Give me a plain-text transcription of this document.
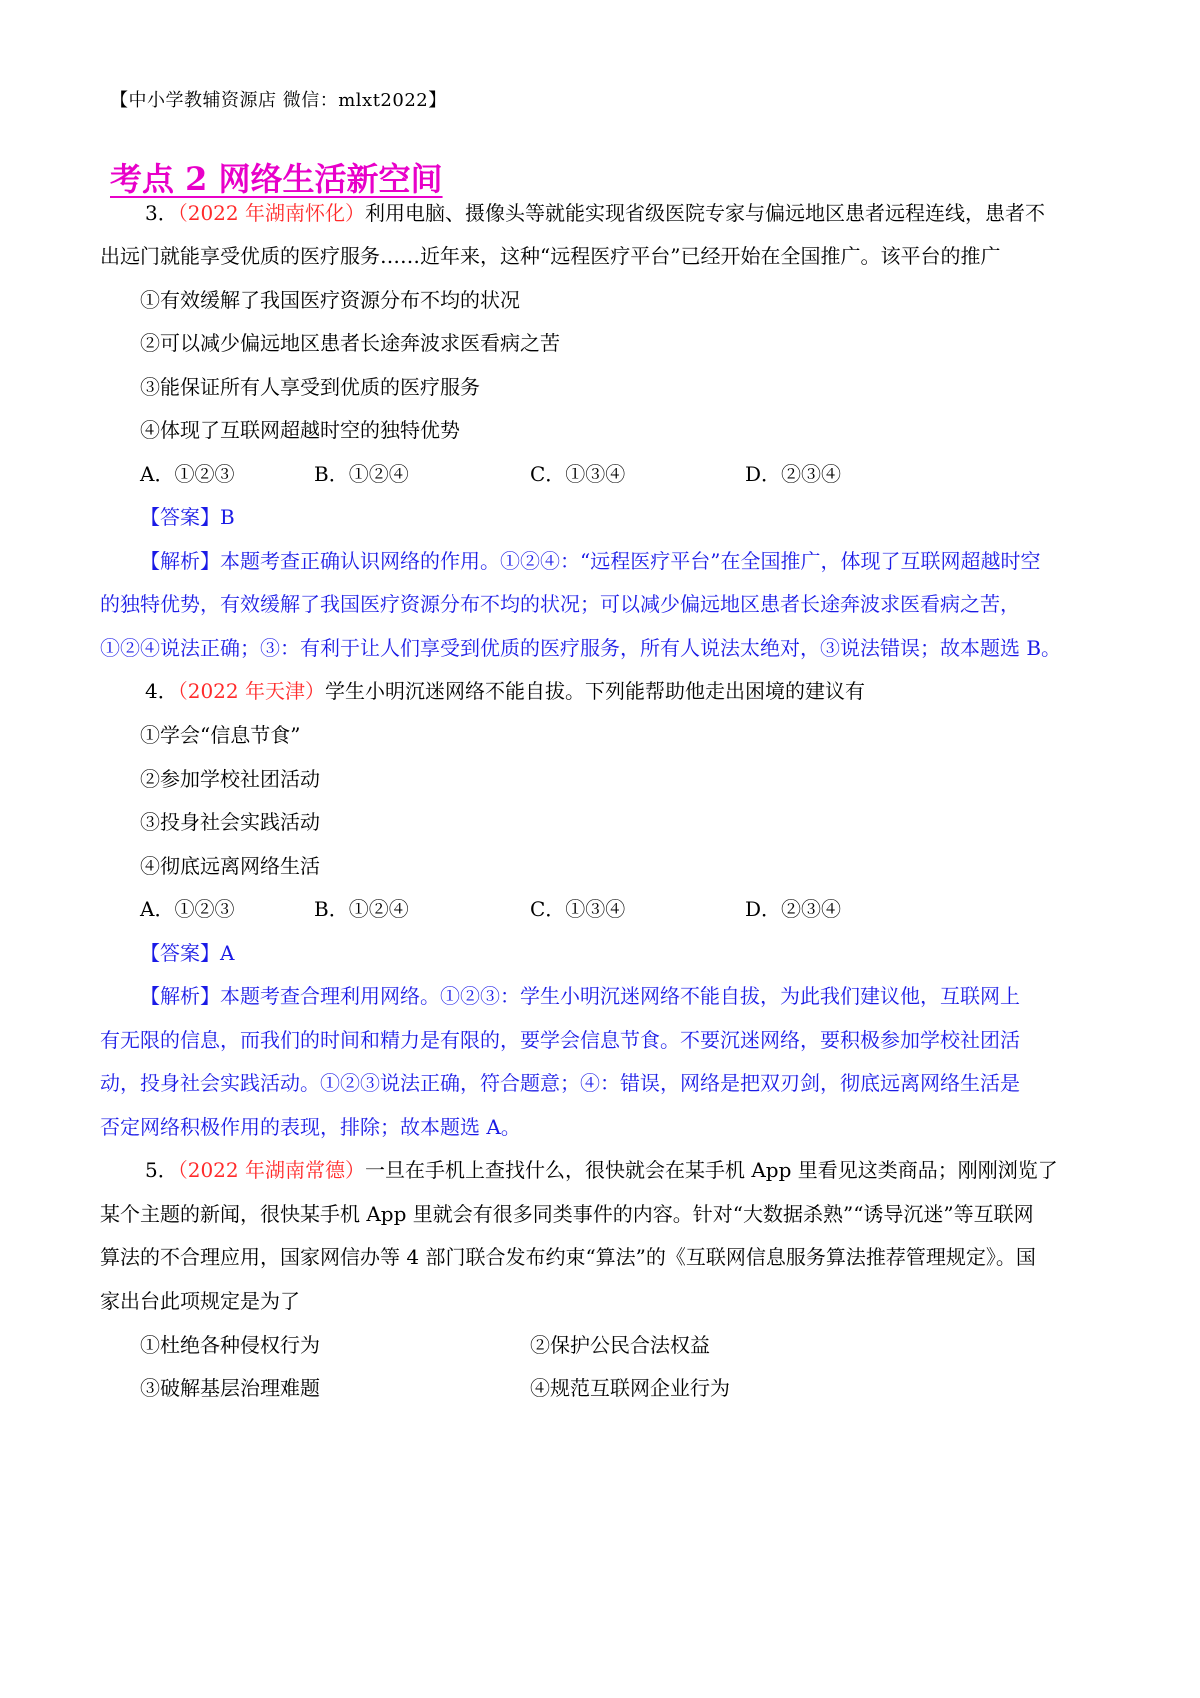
【中小学教辅资源店 微信：mlxt2022】
考点 2 网络生活新空间
3．（2022 年湖南怀化）利用电脑、摄像头等就能实现省级医院专家与偏远地区患者远程连线，患者不
出远门就能享受优质的医疗服务……近年来，这种“远程医疗平台”已经开始在全国推广。该平台的推广
①有效缓解了我国医疗资源分布不均的状况
②可以减少偏远地区患者长途奔波求医看病之苦
③能保证所有人享受到优质的医疗服务
④体现了互联网超越时空的独特优势
A．①②③	B．①②④	C．①③④	D．②③④
【答案】B
【解析】本题考查正确认识网络的作用。①②④：“远程医疗平台”在全国推广，体现了互联网超越时空
的独特优势，有效缓解了我国医疗资源分布不均的状况；可以减少偏远地区患者长途奔波求医看病之苦，
①②④说法正确；③：有利于让人们享受到优质的医疗服务，所有人说法太绝对，③说法错误；故本题选 B。
4．（2022 年天津）学生小明沉迷网络不能自拔。下列能帮助他走出困境的建议有
①学会“信息节食”
②参加学校社团活动
③投身社会实践活动
④彻底远离网络生活
A．①②③	B．①②④	C．①③④	D．②③④
【答案】A
【解析】本题考查合理利用网络。①②③：学生小明沉迷网络不能自拔，为此我们建议他，互联网上
有无限的信息，而我们的时间和精力是有限的，要学会信息节食。不要沉迷网络，要积极参加学校社团活
动，投身社会实践活动。①②③说法正确，符合题意；④：错误，网络是把双刃剑，彻底远离网络生活是
否定网络积极作用的表现，排除；故本题选 A。
5．（2022 年湖南常德）一旦在手机上查找什么，很快就会在某手机 App 里看见这类商品；刚刚浏览了
某个主题的新闻，很快某手机 App 里就会有很多同类事件的内容。针对“大数据杀熟”“诱导沉迷”等互联网
算法的不合理应用，国家网信办等 4 部门联合发布约束“算法”的《互联网信息服务算法推荐管理规定》。国
家出台此项规定是为了
①杜绝各种侵权行为	②保护公民合法权益
③破解基层治理难题	④规范互联网企业行为
